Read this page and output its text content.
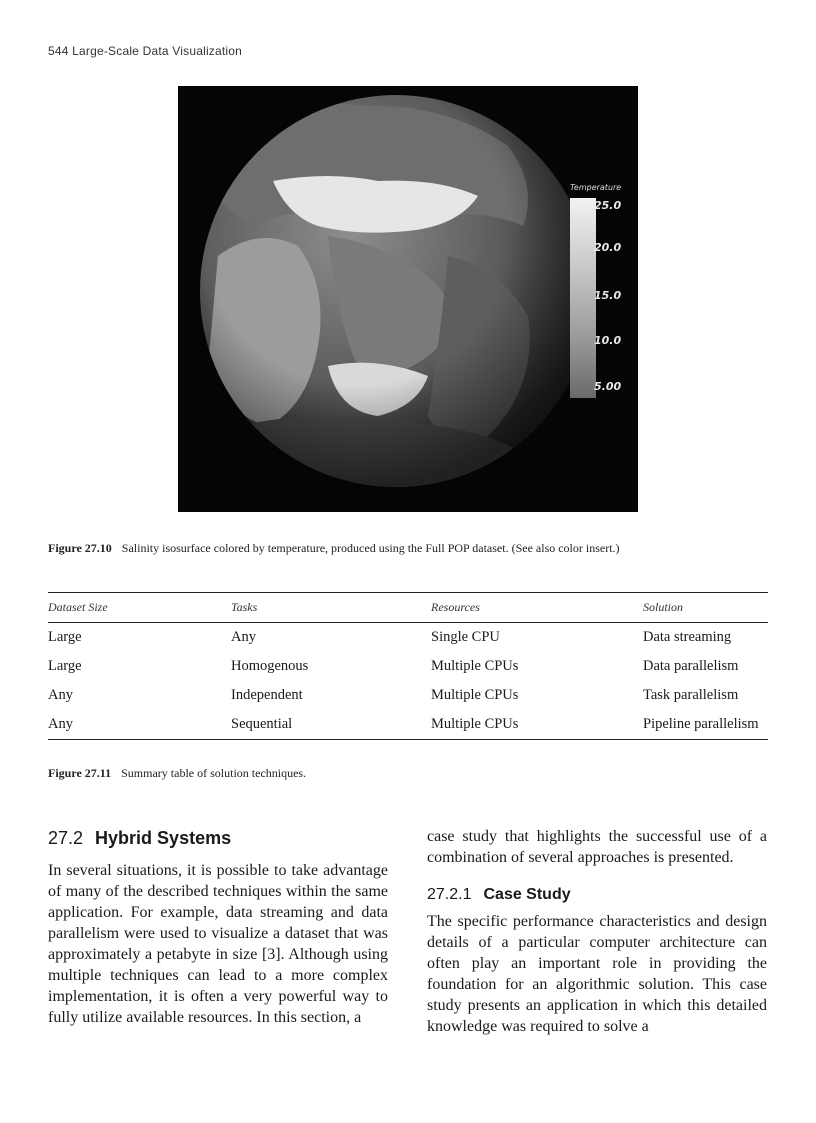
544 Large-Scale Data Visualization
Temperature
25.0
20.0
15.0
10.0
5.00
Figure 27.10 Salinity isosurface colored by temperature, produced using the Full POP dataset. (See also color insert.)
Dataset Size	Tasks	Resources	Solution
Large	Any	Single CPU	Data streaming
Large	Homogenous	Multiple CPUs	Data parallelism
Any	Independent	Multiple CPUs	Task parallelism
Any	Sequential	Multiple CPUs	Pipeline parallelism
Figure 27.11 Summary table of solution techniques.
27.2 Hybrid Systems

In several situations, it is possible to take advantage of many of the described techniques within the same application. For example, data streaming and data parallelism were used to visualize a dataset that was approximately a petabyte in size [3]. Although using multiple techniques can lead to a more complex implementation, it is often a very powerful way to fully utilize available resources. In this section, a

case study that highlights the successful use of a combination of several approaches is presented.

27.2.1 Case Study

The specific performance characteristics and design details of a particular computer architecture can often play an important role in providing the foundation for an algorithmic solution. This case study presents an application in which this detailed knowledge was required to solve a
